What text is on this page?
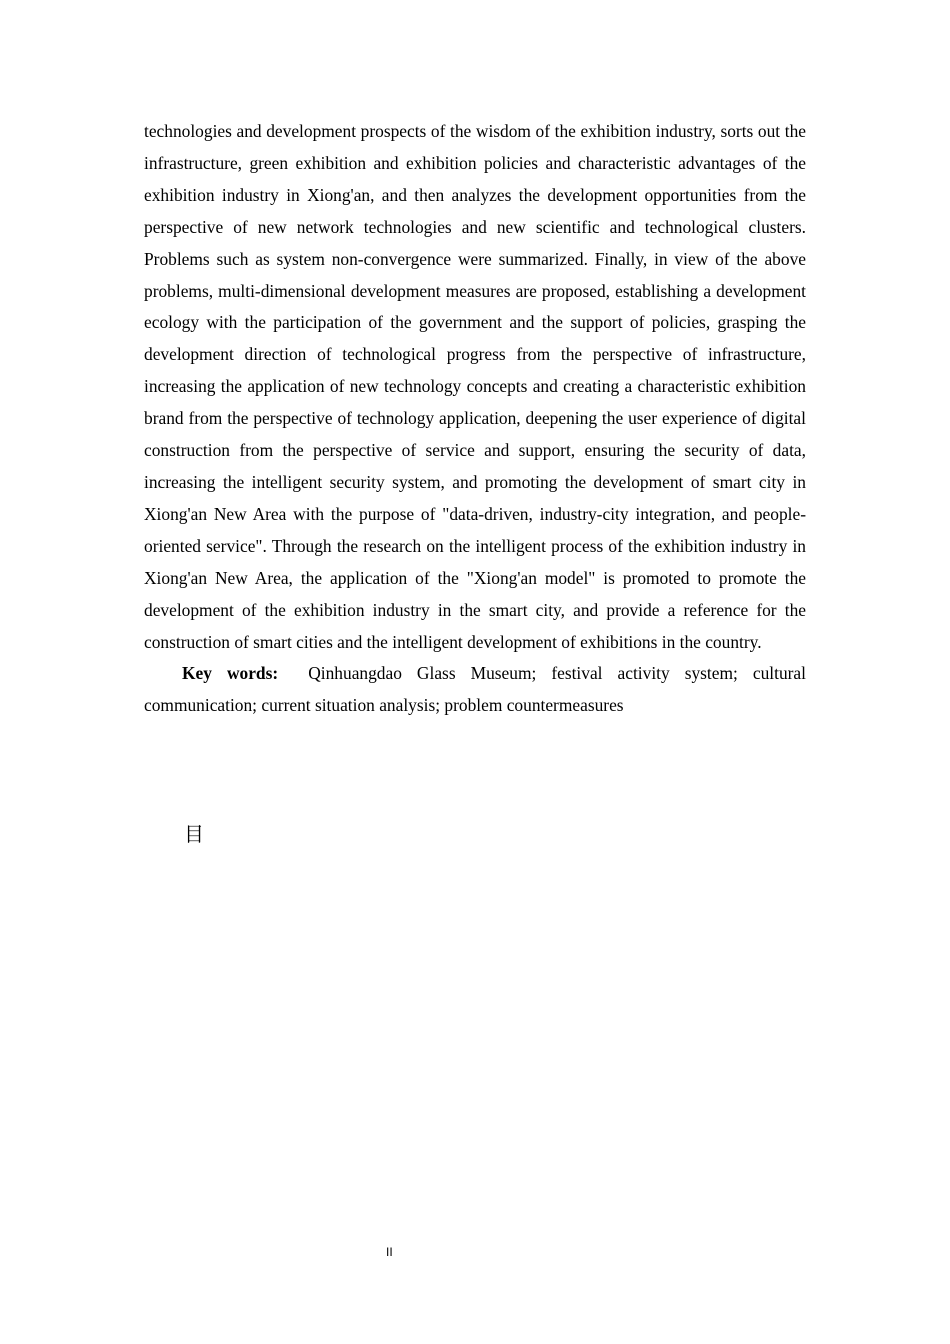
technologies and development prospects of the wisdom of the exhibition industry, sorts out the infrastructure, green exhibition and exhibition policies and characteristic advantages of the exhibition industry in Xiong'an, and then analyzes the development opportunities from the perspective of new network technologies and new scientific and technological clusters. Problems such as system non-convergence were summarized. Finally, in view of the above problems, multi-dimensional development measures are proposed, establishing a development ecology with the participation of the government and the support of policies, grasping the development direction of technological progress from the perspective of infrastructure, increasing the application of new technology concepts and creating a characteristic exhibition brand from the perspective of technology application, deepening the user experience of digital construction from the perspective of service and support, ensuring the security of data, increasing the intelligent security system, and promoting the development of smart city in Xiong'an New Area with the purpose of "data-driven, industry-city integration, and people-oriented service". Through the research on the intelligent process of the exhibition industry in Xiong'an New Area, the application of the "Xiong'an model" is promoted to promote the development of the exhibition industry in the smart city, and provide a reference for the construction of smart cities and the intelligent development of exhibitions in the country.

Key words: Qinhuangdao Glass Museum; festival activity system; cultural communication; current situation analysis; problem countermeasures

目
II
